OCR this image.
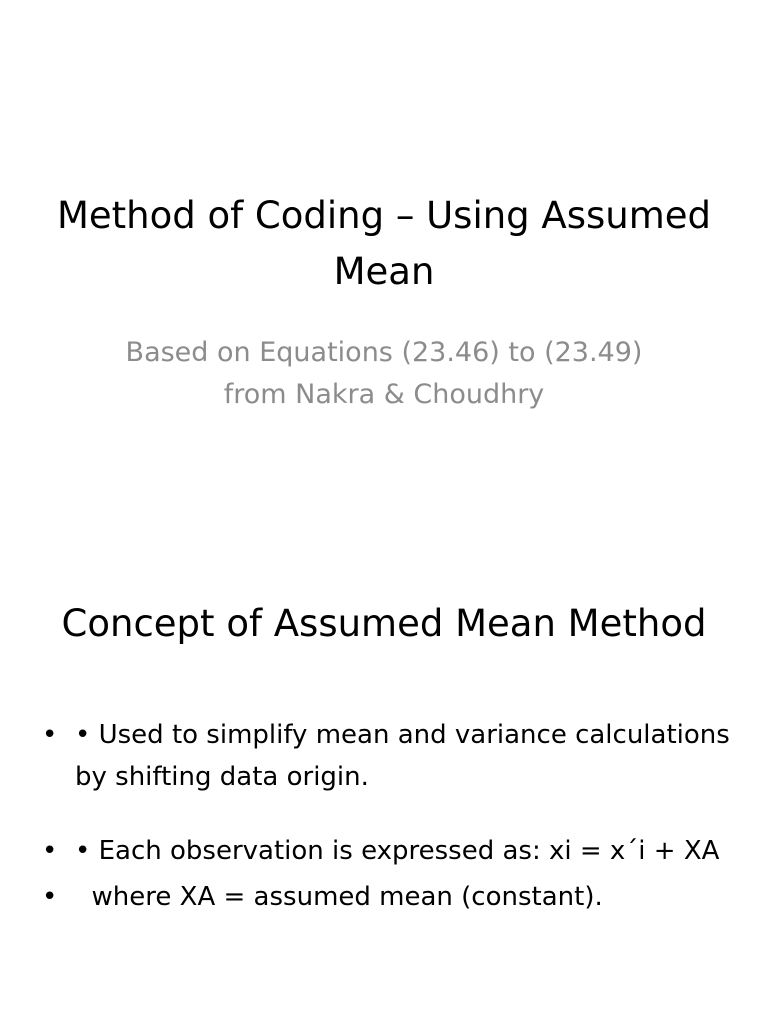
Method of Coding – Using Assumed Mean
Based on Equations (23.46) to (23.49)
from Nakra & Choudhry
Concept of Assumed Mean Method
• • Used to simplify mean and variance calculations by shifting data origin.
• • Each observation is expressed as: xi = x´i + XA
• where XA = assumed mean (constant).
